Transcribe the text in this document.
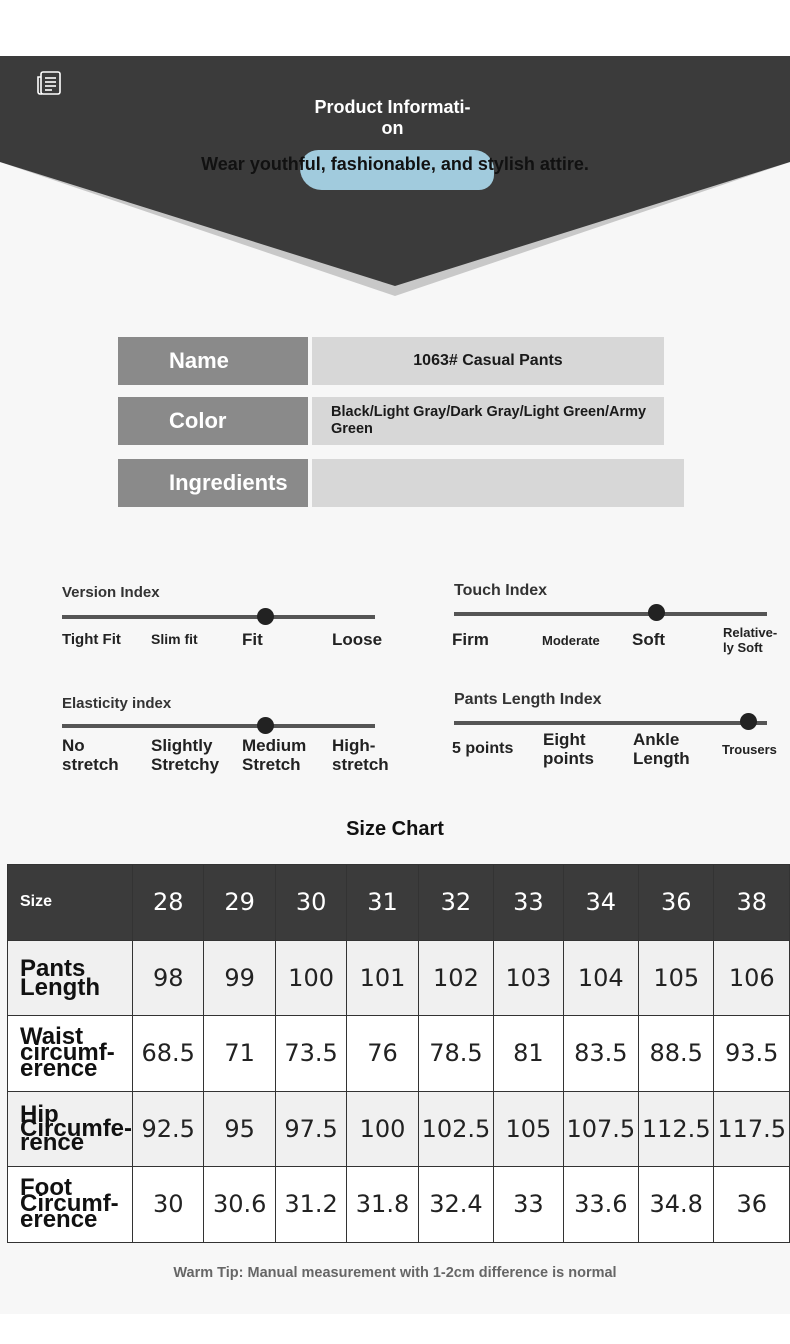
Product Informati-
on
Wear youthful, fashionable, and stylish attire.
Name	1063# Casual Pants
Color	Black/Light Gray/Dark Gray/Light Green/Army Green
Ingredients
Version Index
Tight Fit Slim fit	Fit	Loose
Touch Index
Firm	Moderate Soft	Relative-
ly Soft
Elasticity index
No
stretch
Slightly
Stretchy
Medium
Stretch
High-
stretch
Pants Length Index
5 points Eight
points
Ankle
Length Trousers
Size Chart
Size	28	29	30	31	32	33	34	36	38
Pants
Length	98	99	100	101	102	103	104	105	106
Waist
circumf-
erence	68.5	71	73.5	76	78.5	81	83.5	88.5	93.5
Hip
Circumfe-
rence	92.5	95	97.5	100	102.5	105	107.5	112.5	117.5
Foot
Circumf-
erence	30	30.6	31.2	31.8	32.4	33	33.6	34.8	36
Warm Tip: Manual measurement with 1-2cm difference is normal
